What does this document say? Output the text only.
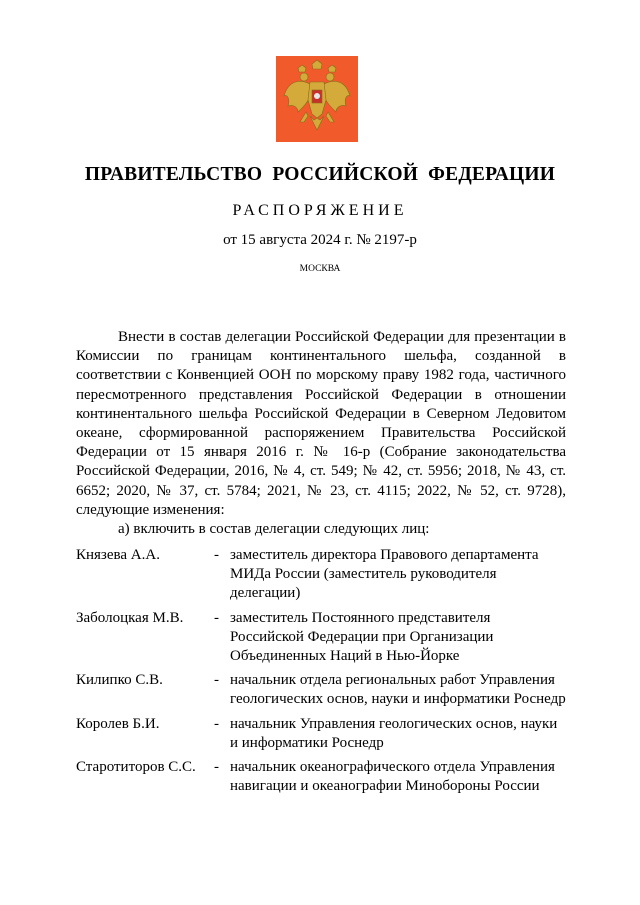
ПРАВИТЕЛЬСТВО РОССИЙСКОЙ ФЕДЕРАЦИИ
РАСПОРЯЖЕНИЕ
от 15 августа 2024 г. № 2197-р
МОСКВА

Внести в состав делегации Российской Федерации для презентации в Комиссии по границам континентального шельфа, созданной в соответствии с Конвенцией ООН по морскому праву 1982 года, частичного пересмотренного представления Российской Федерации в отношении континентального шельфа Российской Федерации в Северном Ледовитом океане, сформированной распоряжением Правительства Российской Федерации от 15 января 2016 г. № 16-р (Собрание законодательства Российской Федерации, 2016, № 4, ст. 549; № 42, ст. 5956; 2018, № 43, ст. 6652; 2020, № 37, ст. 5784; 2021, № 23, ст. 4115; 2022, № 52, ст. 9728), следующие изменения:

а) включить в состав делегации следующих лиц:

Князева А.А.	- заместитель директора Правового департамента МИДа России (заместитель руководителя делегации)
Заболоцкая М.В.	- заместитель Постоянного представителя Российской Федерации при Организации Объединенных Наций в Нью-Йорке
Килипко С.В.	- начальник отдела региональных работ Управления геологических основ, науки и информатики Роснедр
Королев Б.И.	- начальник Управления геологических основ, науки и информатики Роснедр
Старотиторов С.С.	- начальник океанографического отдела Управления навигации и океанографии Минобороны России
